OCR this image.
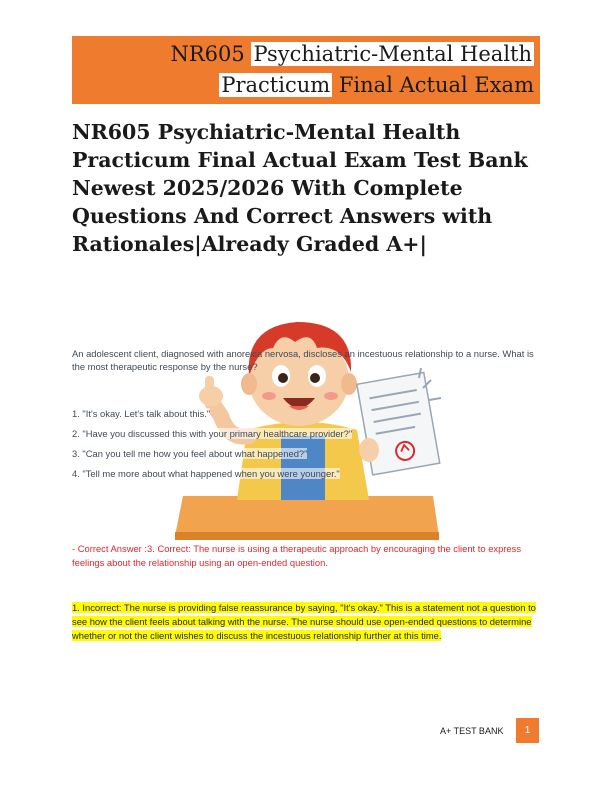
NR605 Psychiatric-Mental Health
Practicum Final Actual Exam
NR605 Psychiatric-Mental Health Practicum Final Actual Exam Test Bank Newest 2025/2026 With Complete Questions And Correct Answers with Rationales|Already Graded A+|

An adolescent client, diagnosed with anorexia nervosa, discloses an incestuous relationship to a nurse. What is the most therapeutic response by the nurse?

1. "It's okay. Let's talk about this."
2. "Have you discussed this with your primary healthcare provider?"
3. "Can you tell me how you feel about what happened?"
4. "Tell me more about what happened when you were younger."

- Correct Answer :3. Correct: The nurse is using a therapeutic approach by encouraging the client to express feelings about the relationship using an open-ended question.

1. Incorrect: The nurse is providing false reassurance by saying, "It's okay." This is a statement not a question to see how the client feels about talking with the nurse. The nurse should use open-ended questions to determine whether or not the client wishes to discuss the incestuous relationship further at this time.

A+ TEST BANK	1
